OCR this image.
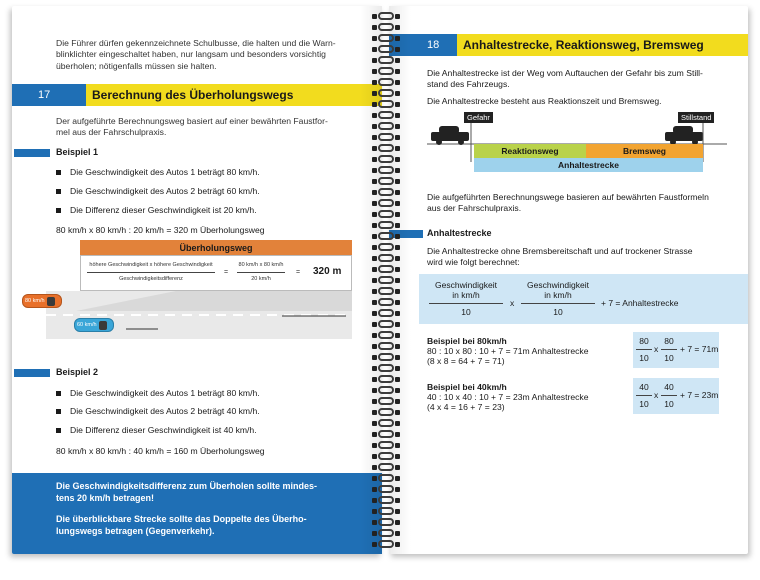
Die Führer dürfen gekennzeichnete Schulbusse, die halten und die Warn-
blinklichter eingeschaltet haben, nur langsam und besonders vorsichtig
überholen; nötigenfalls müssen sie halten.
17	Berechnung des Überholungswegs
Der aufgeführte Berechnungsweg basiert auf einer bewährten Faustfor-
mel aus der Fahrschulpraxis.
Beispiel 1
Die Geschwindigkeit des Autos 1 beträgt 80 km/h.
Die Geschwindigkeit des Autos 2 beträgt 60 km/h.
Die Differenz dieser Geschwindigkeit ist 20 km/h.
80 km/h x 80 km/h : 20 km/h = 320 m Überholungsweg
Überholungsweg
höhere Geschwindigkeit x höhere Geschwindigkeit
Geschwindigkeitsdifferenz
=
80 km/h x 80 km/h
20 km/h
= 320 m
80 km/h
60 km/h
Beispiel 2
Die Geschwindigkeit des Autos 1 beträgt 80 km/h.
Die Geschwindigkeit des Autos 2 beträgt 40 km/h.
Die Differenz dieser Geschwindigkeit ist 40 km/h.
80 km/h x 80 km/h : 40 km/h = 160 m Überholungsweg
Die Geschwindigkeitsdifferenz zum Überholen sollte mindes-
tens 20 km/h betragen!
Die überblickbare Strecke sollte das Doppelte des Überho-
lungswegs betragen (Gegenverkehr).
18	Anhaltestrecke, Reaktionsweg, Bremsweg
Die Anhaltestrecke ist der Weg vom Auftauchen der Gefahr bis zum Still-
stand des Fahrzeugs.
Die Anhaltestrecke besteht aus Reaktionszeit und Bremsweg.
Gefahr	Stillstand
Reaktionsweg	Bremsweg
Anhaltestrecke
Die aufgeführten Berechnungswege basieren auf bewährten Faustformeln
aus der Fahrschulpraxis.
Anhaltestrecke
Die Anhaltestrecke ohne Bremsbereitschaft und auf trockener Strasse
wird wie folgt berechnet:
Geschwindigkeit
in km/h
10
x
Geschwindigkeit
in km/h
10
+ 7 = Anhaltestrecke
Beispiel bei 80km/h
80 : 10 x 80 : 10 + 7 = 71m Anhaltestrecke
(8 x 8 = 64 + 7 = 71)
80
10
x
80
10
+ 7 = 71m
Beispiel bei 40km/h
40 : 10 x 40 : 10 + 7 = 23m Anhaltestrecke
(4 x 4 = 16 + 7 = 23)
40
10
x
40
10
+ 7 = 23m
